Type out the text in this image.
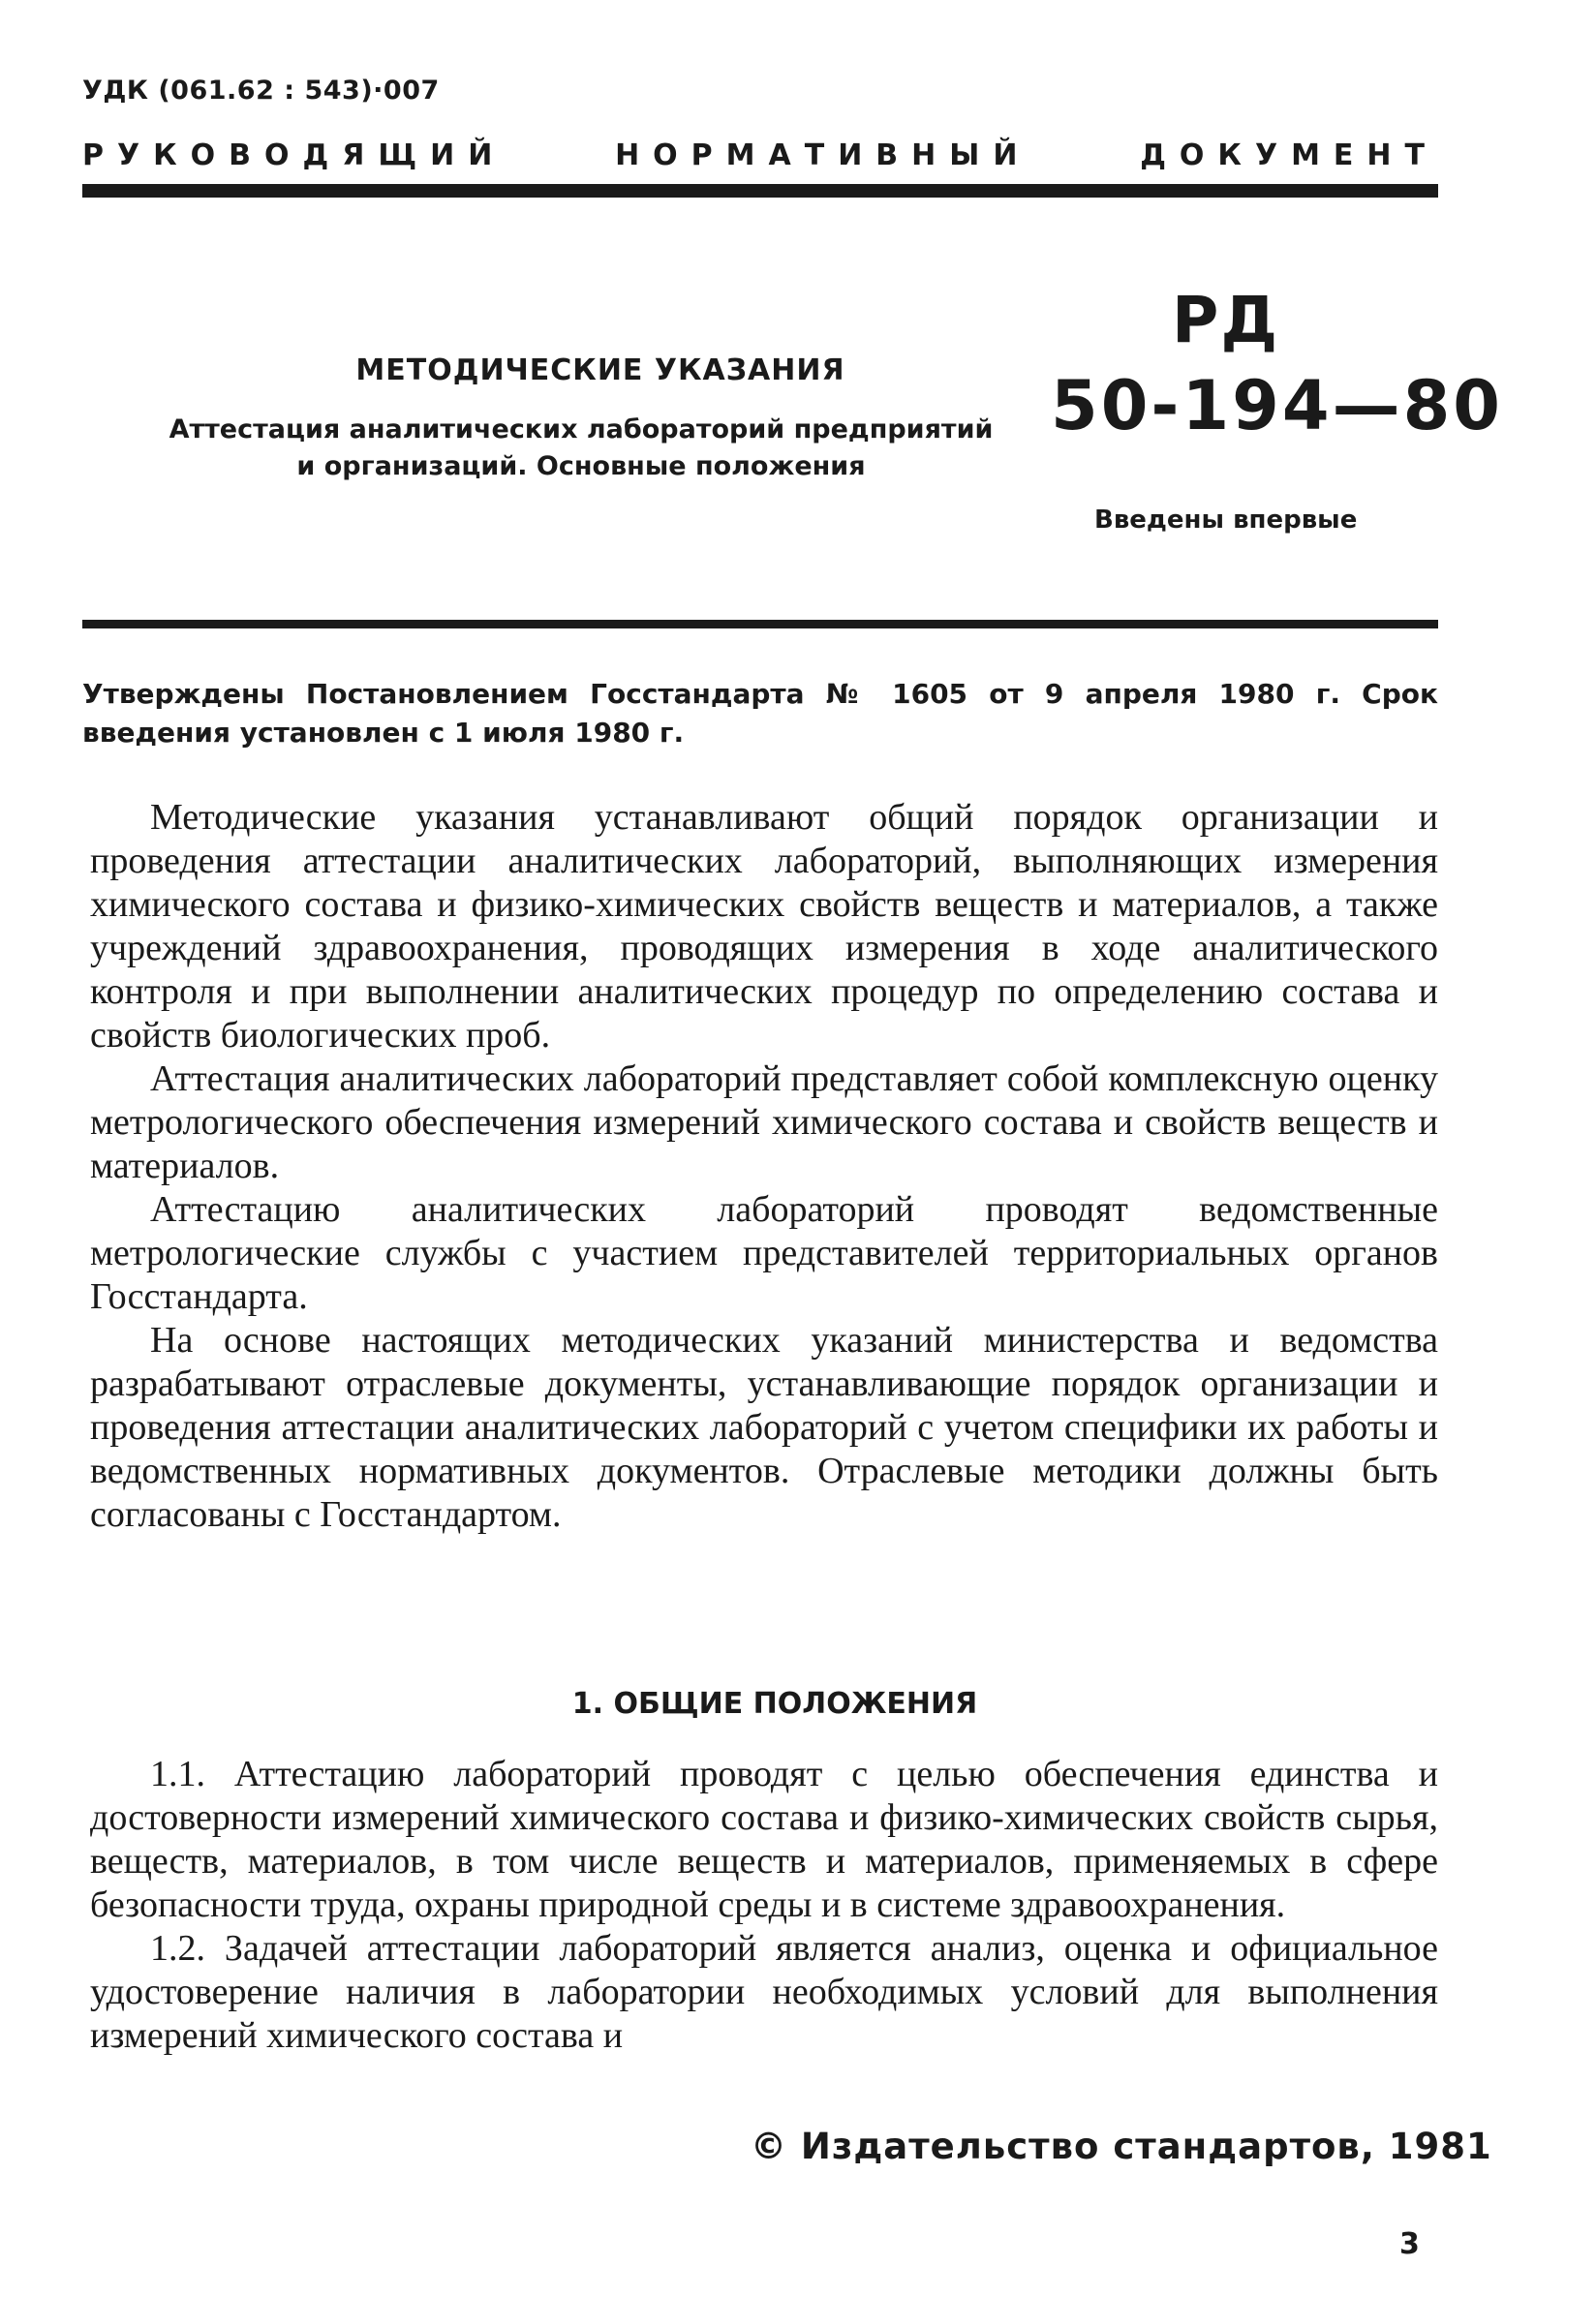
УДК (061.62 : 543)·007
РУКОВОДЯЩИЙ	НОРМАТИВНЫЙ	ДОКУМЕНТ
МЕТОДИЧЕСКИЕ УКАЗАНИЯ
Аттестация аналитических лабораторий предприятий
и организаций. Основные положения
РД
50-194—80
Введены впервые
Утверждены Постановлением Госстандарта № 1605 от 9 апреля 1980 г. Срок введения установлен с 1 июля 1980 г.

Методические указания устанавливают общий порядок организации и проведения аттестации аналитических лабораторий, выполняющих измерения химического состава и физико-химических свойств веществ и материалов, а также учреждений здравоохранения, проводящих измерения в ходе аналитического контроля и при выполнении аналитических процедур по определению состава и свойств биологических проб.

Аттестация аналитических лабораторий представляет собой комплексную оценку метрологического обеспечения измерений химического состава и свойств веществ и материалов.

Аттестацию аналитических лабораторий проводят ведомственные метрологические службы с участием представителей территориальных органов Госстандарта.

На основе настоящих методических указаний министерства и ведомства разрабатывают отраслевые документы, устанавливающие порядок организации и проведения аттестации аналитических лабораторий с учетом специфики их работы и ведомственных нормативных документов. Отраслевые методики должны быть согласованы с Госстандартом.

1. ОБЩИЕ ПОЛОЖЕНИЯ

1.1. Аттестацию лабораторий проводят с целью обеспечения единства и достоверности измерений химического состава и физико-химических свойств сырья, веществ, материалов, в том числе веществ и материалов, применяемых в сфере безопасности труда, охраны природной среды и в системе здравоохранения.

1.2. Задачей аттестации лабораторий является анализ, оценка и официальное удостоверение наличия в лаборатории необходимых условий для выполнения измерений химического состава и

© Издательство стандартов, 1981
3
